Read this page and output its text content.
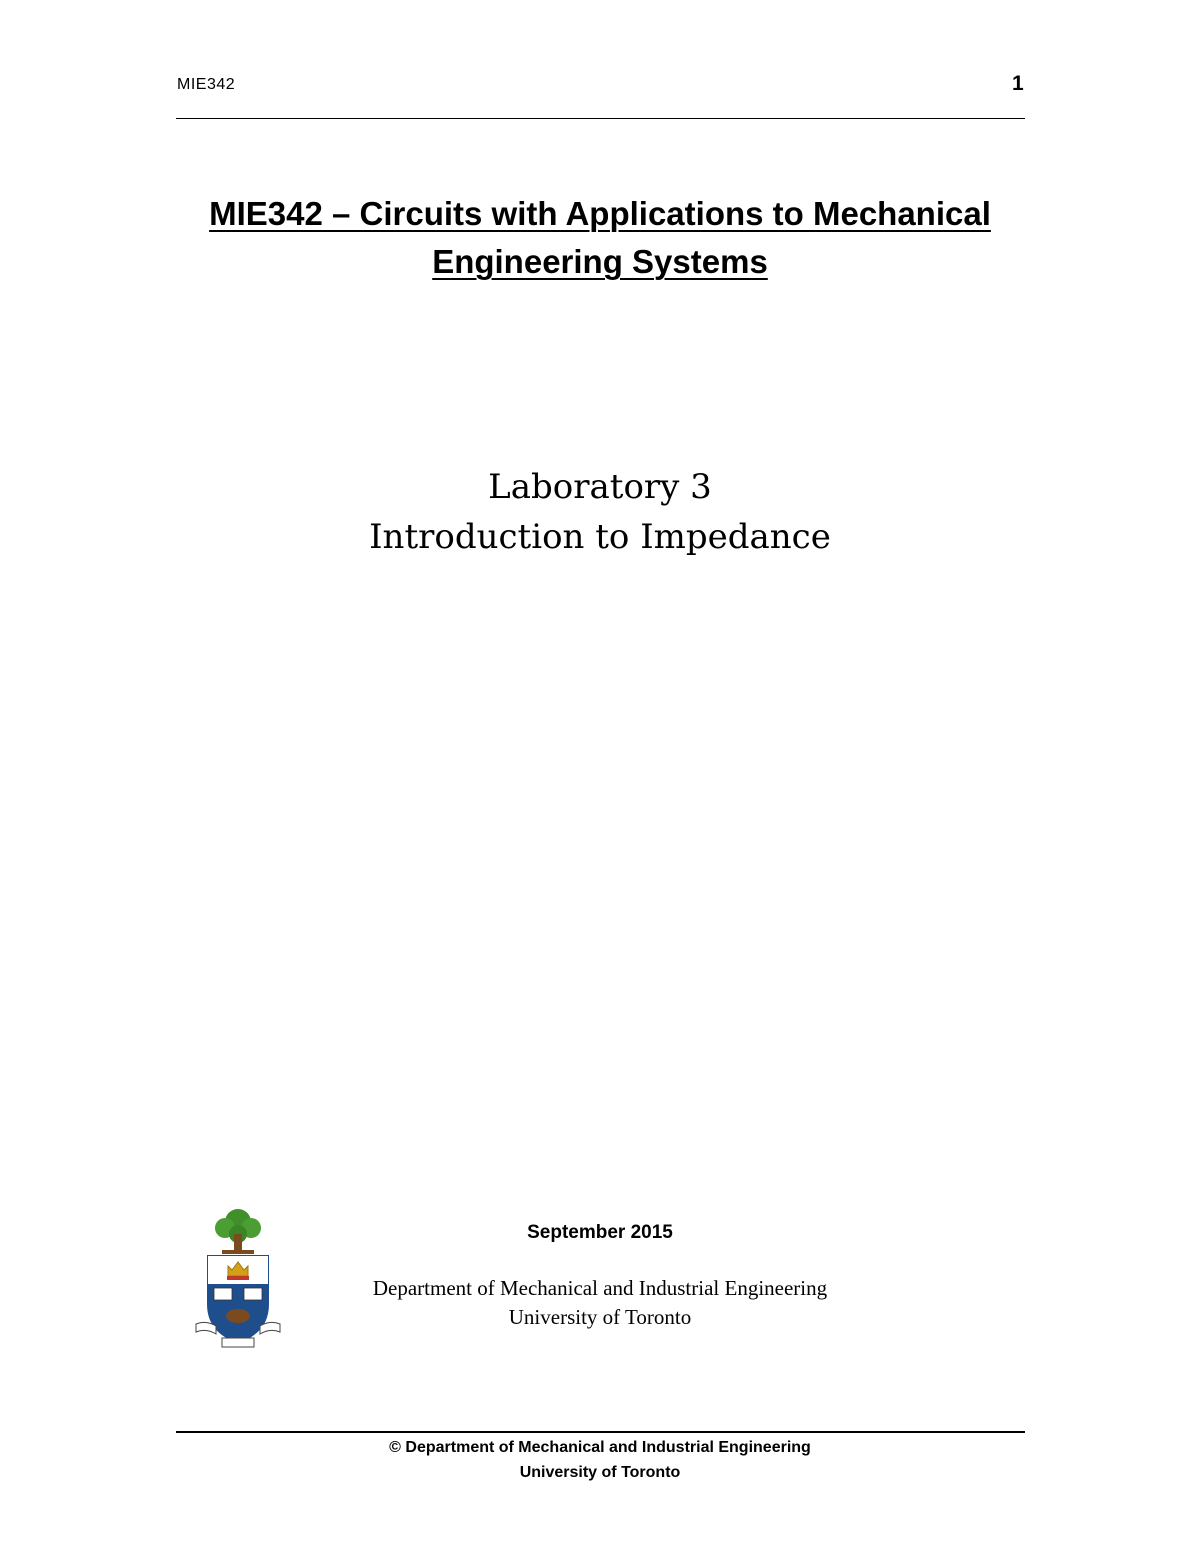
MIE342	1
MIE342 – Circuits with Applications to Mechanical
Engineering Systems
Laboratory 3
Introduction to Impedance
September 2015
Department of Mechanical and Industrial Engineering
University of Toronto
© Department of Mechanical and Industrial Engineering
University of Toronto
